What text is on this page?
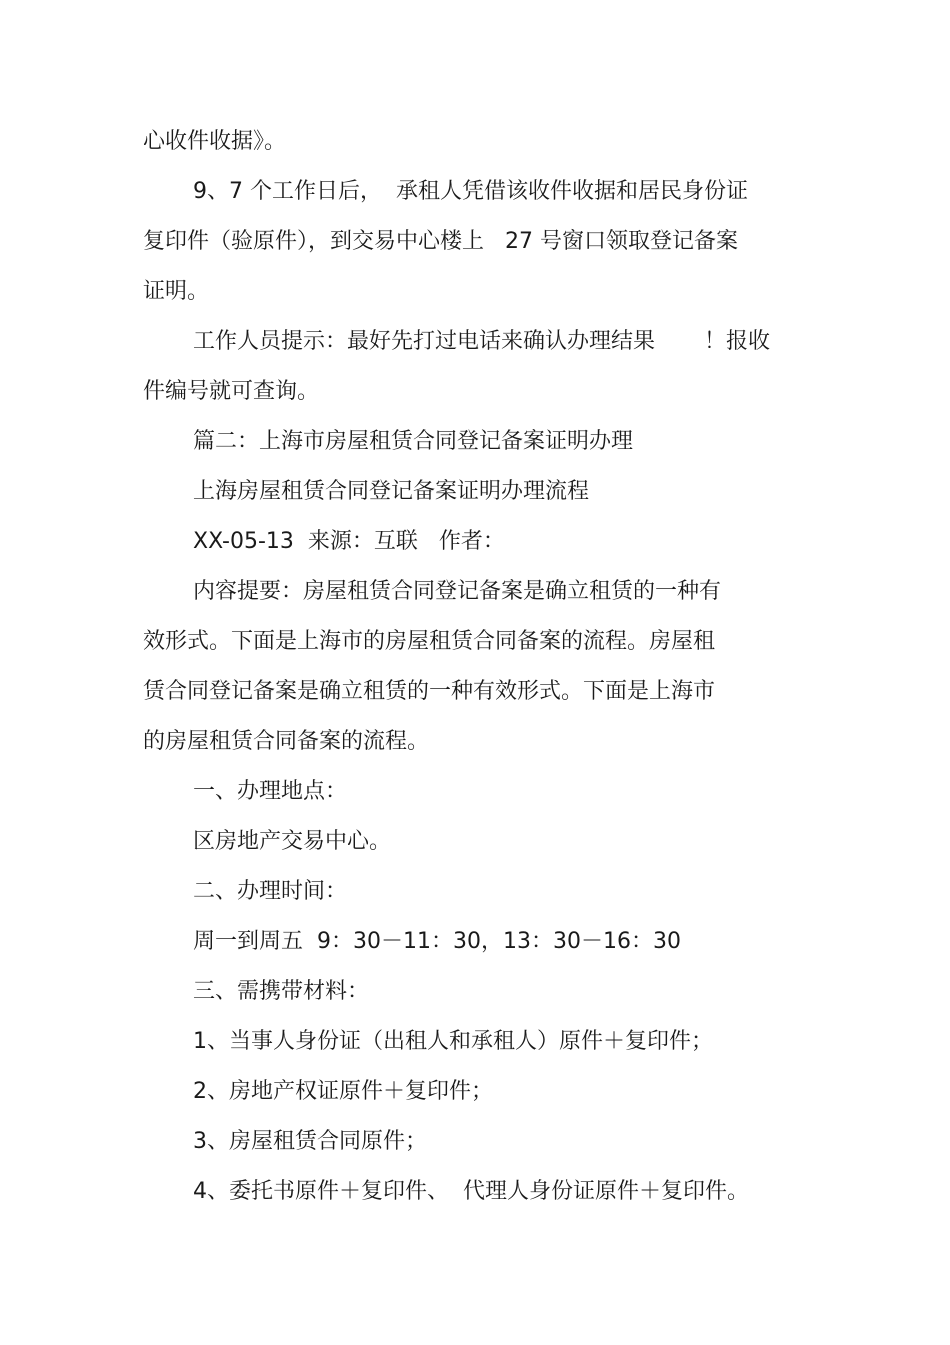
心收件收据》。

9、7 个工作日后，  承租人凭借该收件收据和居民身份证

复印件（验原件），到交易中心楼上   27 号窗口领取登记备案

证明。

工作人员提示：最好先打过电话来确认办理结果       ！报收

件编号就可查询。

篇二：上海市房屋租赁合同登记备案证明办理

上海房屋租赁合同登记备案证明办理流程

XX-05-13  来源：互联   作者：

内容提要：房屋租赁合同登记备案是确立租赁的一种有

效形式。下面是上海市的房屋租赁合同备案的流程。房屋租

赁合同登记备案是确立租赁的一种有效形式。下面是上海市

的房屋租赁合同备案的流程。

一、办理地点：

区房地产交易中心。

二、办理时间：

周一到周五  9：30－11：30，13：30－16：30

三、需携带材料：

1、当事人身份证（出租人和承租人）原件＋复印件；

2、房地产权证原件＋复印件；

3、房屋租赁合同原件；

4、委托书原件＋复印件、  代理人身份证原件＋复印件。
